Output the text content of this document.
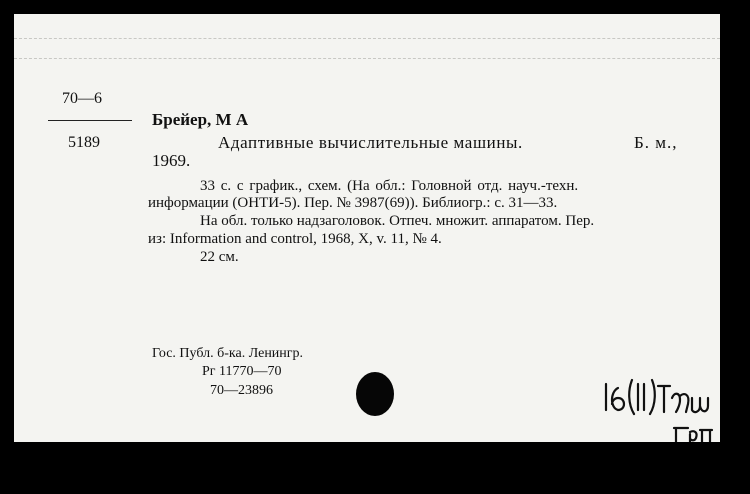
70—6
5189
Брейер, М А
Адаптивные вычислительные машины.	Б. м.,
1969.
33 с. с график., схем. (На обл.: Головной отд. науч.-техн.
информации (ОНТИ-5). Пер. № 3987(69)). Библиогр.: с. 31—33.
На обл. только надзаголовок. Отпеч. множит. аппаратом. Пер.
из: Information and control, 1968, X, v. 11, № 4.
22 см.
Гос. Публ. б-ка. Ленингр.
Рг 11770—70
70—23896
